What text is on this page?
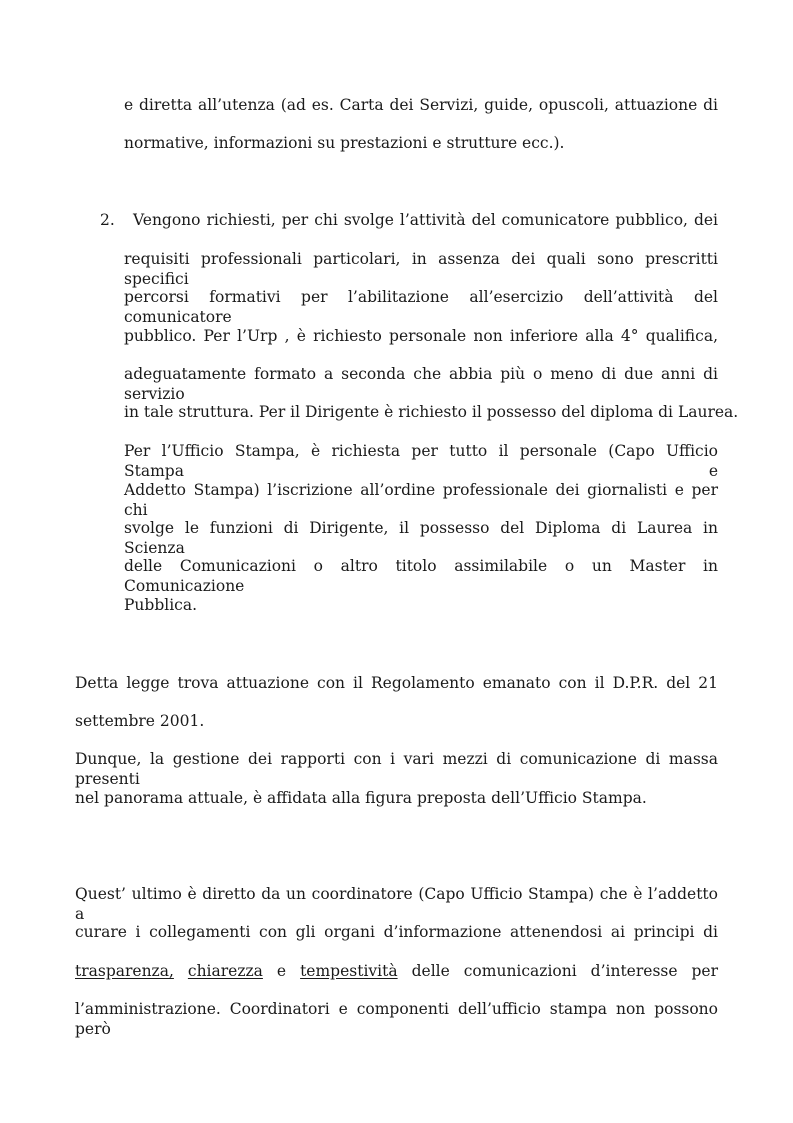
e diretta all’utenza (ad es. Carta dei Servizi, guide, opuscoli, attuazione di
normative, informazioni su prestazioni e strutture ecc.).
2. Vengono richiesti, per chi svolge l’attività del comunicatore pubblico, dei
requisiti professionali particolari, in assenza dei quali sono prescritti specifici
percorsi formativi per l’abilitazione all’esercizio dell’attività del comunicatore
pubblico. Per l’Urp , è richiesto personale non inferiore alla 4° qualifica,
adeguatamente formato a seconda che abbia più o meno di due anni di servizio
in tale struttura. Per il Dirigente è richiesto il possesso del diploma di Laurea.
Per l’Ufficio Stampa, è richiesta per tutto il personale (Capo Ufficio Stampa e
Addetto Stampa) l’iscrizione all’ordine professionale dei giornalisti e per chi
svolge le funzioni di Dirigente, il possesso del Diploma di Laurea in Scienza
delle Comunicazioni o altro titolo assimilabile o un Master in Comunicazione
Pubblica.
Detta legge trova attuazione con il Regolamento emanato con il D.P.R. del 21
settembre 2001.
Dunque, la gestione dei rapporti con i vari mezzi di comunicazione di massa presenti
nel panorama attuale, è affidata alla figura preposta dell’Ufficio Stampa.
Quest’ ultimo è diretto da un coordinatore (Capo Ufficio Stampa) che è l’addetto a
curare i collegamenti con gli organi d’informazione attenendosi ai principi di
trasparenza, chiarezza e tempestività delle comunicazioni d’interesse per
l’amministrazione. Coordinatori e componenti dell’ufficio stampa non possono però
